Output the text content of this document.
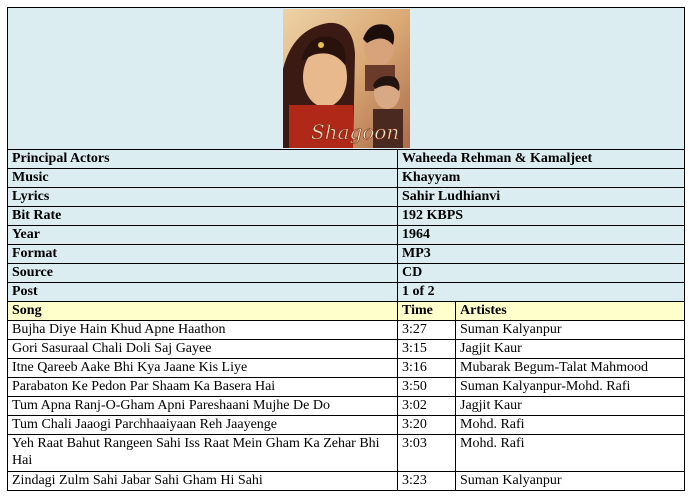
Shagoon		

Principal Actors	Waheeda Rehman & Kamaljeet	
Music	Khayyam	
Lyrics	Sahir Ludhianvi	
Bit Rate	192 KBPS	
Year	1964	
Format	MP3	
Source	CD	
Post	1 of 2	
Song	Time	Artistes
Bujha Diye Hain Khud Apne Haathon	3:27	Suman Kalyanpur
Gori Sasuraal Chali Doli Saj Gayee	3:15	Jagjit Kaur
Itne Qareeb Aake Bhi Kya Jaane Kis Liye	3:16	Mubarak Begum-Talat Mahmood
Parabaton Ke Pedon Par Shaam Ka Basera Hai	3:50	Suman Kalyanpur-Mohd. Rafi
Tum Apna Ranj-O-Gham Apni Pareshaani Mujhe De Do	3:02	Jagjit Kaur
Tum Chali Jaaogi Parchhaaiyaan Reh Jaayenge	3:20	Mohd. Rafi
Yeh Raat Bahut Rangeen Sahi Iss Raat Mein Gham Ka Zehar Bhi Hai	3:03	Mohd. Rafi
Zindagi Zulm Sahi Jabar Sahi Gham Hi Sahi	3:23	Suman Kalyanpur
